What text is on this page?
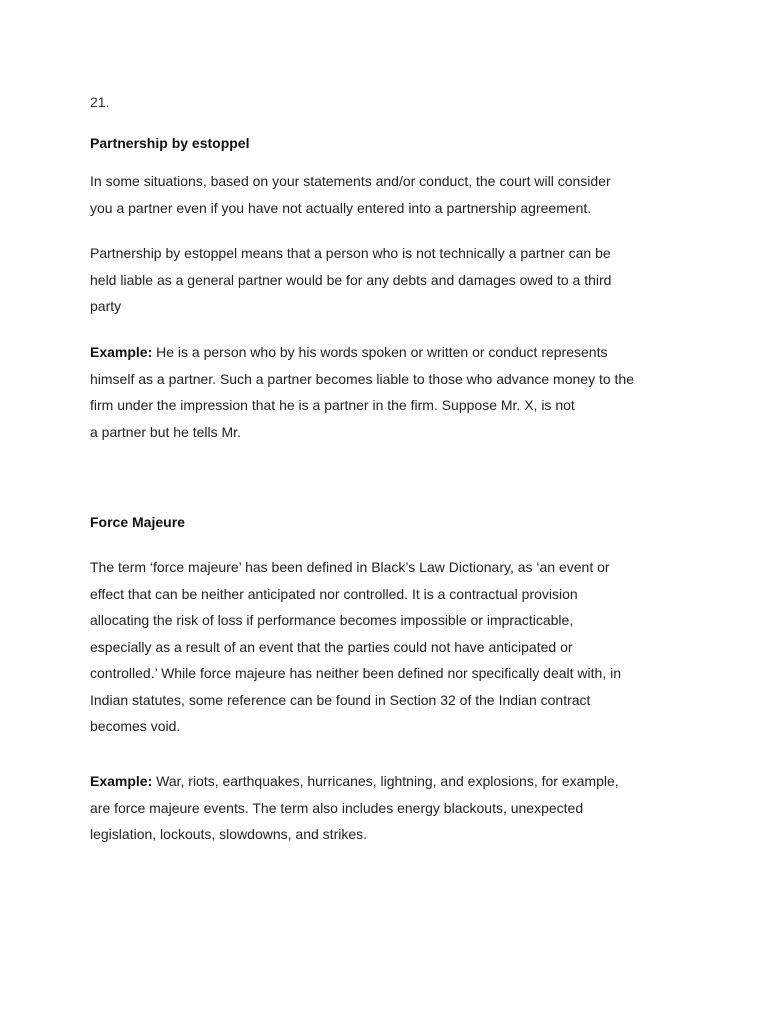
21.
Partnership by estoppel
In some situations, based on your statements and/or conduct, the court will consider
you a partner even if you have not actually entered into a partnership agreement.
Partnership by estoppel means that a person who is not technically a partner can be
held liable as a general partner would be for any debts and damages owed to a third
party
Example: He is a person who by his words spoken or written or conduct represents
himself as a partner. Such a partner becomes liable to those who advance money to the
firm under the impression that he is a partner in the firm. Suppose Mr. X, is not
a partner but he tells Mr.
Force Majeure
The term ‘force majeure’ has been defined in Black’s Law Dictionary, as ‘an event or
effect that can be neither anticipated nor controlled. It is a contractual provision
allocating the risk of loss if performance becomes impossible or impracticable,
especially as a result of an event that the parties could not have anticipated or
controlled.’ While force majeure has neither been defined nor specifically dealt with, in
Indian statutes, some reference can be found in Section 32 of the Indian contract
becomes void.
Example: War, riots, earthquakes, hurricanes, lightning, and explosions, for example,
are force majeure events. The term also includes energy blackouts, unexpected
legislation, lockouts, slowdowns, and strikes.
